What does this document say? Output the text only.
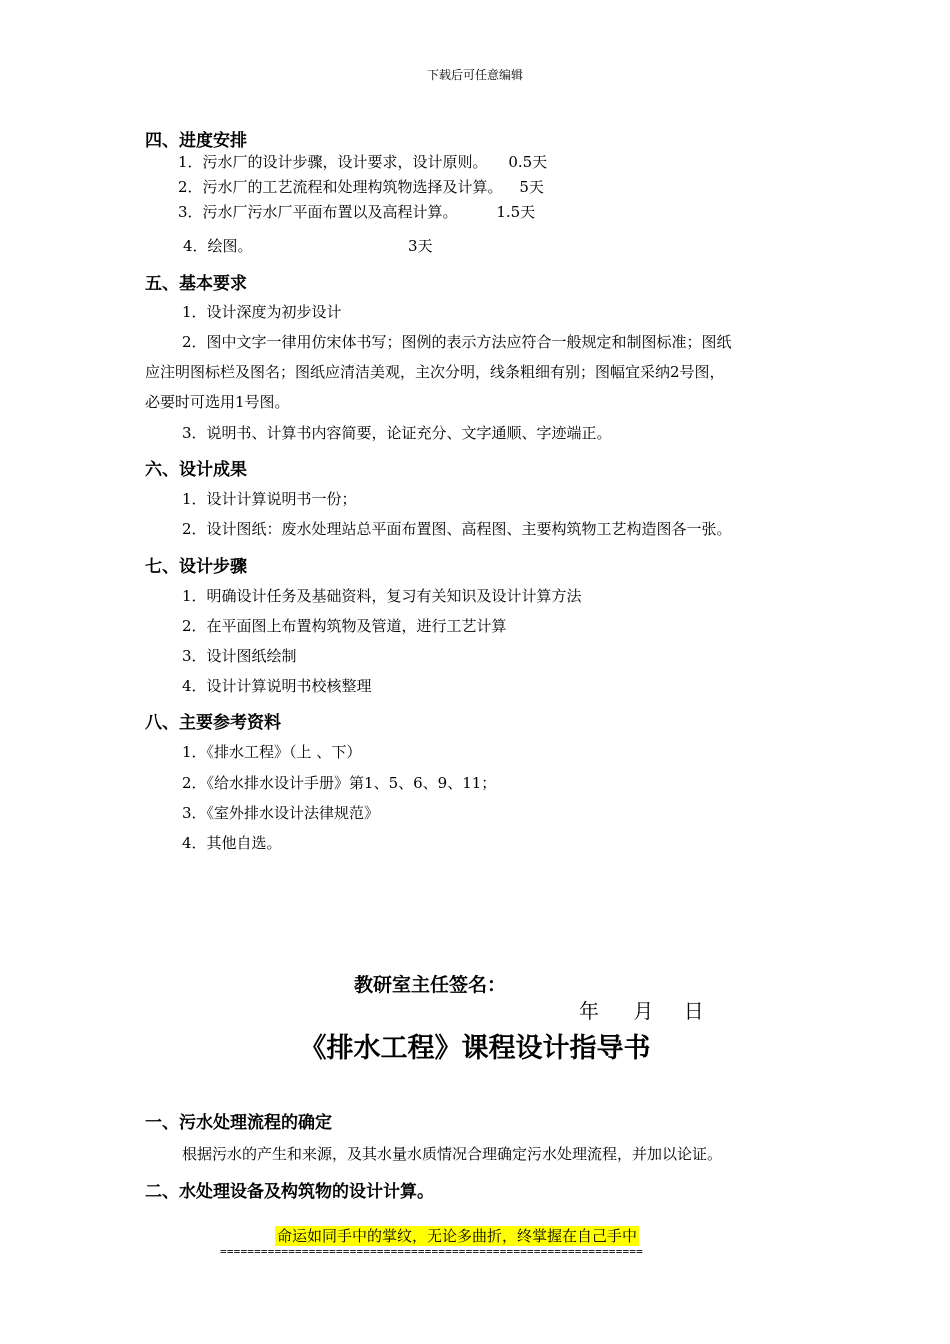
下载后可任意编辑
四、进度安排
1．污水厂的设计步骤，设计要求，设计原则。 0.5天
2．污水厂的工艺流程和处理构筑物选择及计算。 5天
3．污水厂污水厂平面布置以及高程计算。	1.5天
4．绘图。	3天
五、基本要求
1．设计深度为初步设计
2．图中文字一律用仿宋体书写；图例的表示方法应符合一般规定和制图标准；图纸
应注明图标栏及图名；图纸应清洁美观，主次分明，线条粗细有别；图幅宜采纳2号图，
必要时可选用1号图。
3．说明书、计算书内容简要，论证充分、文字通顺、字迹端正。
六、设计成果
1．设计计算说明书一份；
2．设计图纸：废水处理站总平面布置图、高程图、主要构筑物工艺构造图各一张。
七、设计步骤
1．明确设计任务及基础资料，复习有关知识及设计计算方法
2．在平面图上布置构筑物及管道，进行工艺计算
3．设计图纸绘制
4．设计计算说明书校核整理
八、主要参考资料
1．《排水工程》（上 、下）
2．《给水排水设计手册》第1、5、6、9、11；
3．《室外排水设计法律规范》
4．其他自选。
教研室主任签名：
年 月 日
《排水工程》课程设计指导书
一、污水处理流程的确定
根据污水的产生和来源，及其水量水质情况合理确定污水处理流程，并加以论证。
二、水处理设备及构筑物的设计计算。
命运如同手中的掌纹，无论多曲折，终掌握在自己手中
==============================================================
